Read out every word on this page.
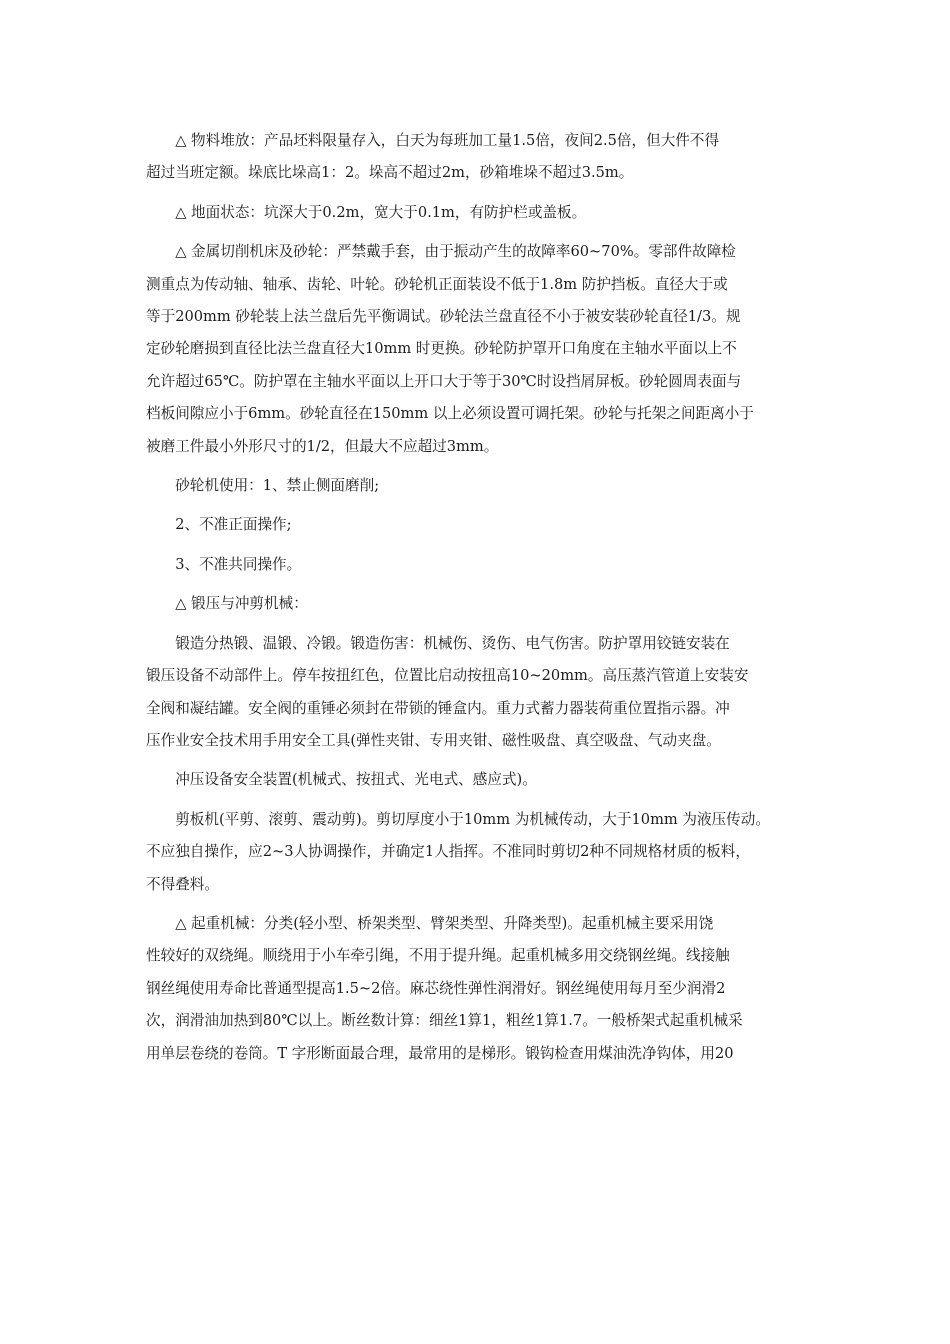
△ 物料堆放：产品坯料限量存入，白天为每班加工量1.5倍，夜间2.5倍，但大件不得
超过当班定额。垛底比垛高1：2。垛高不超过2m，砂箱堆垛不超过3.5m。

△ 地面状态：坑深大于0.2m，宽大于0.1m，有防护栏或盖板。

△ 金属切削机床及砂轮：严禁戴手套，由于振动产生的故障率60~70%。零部件故障检
测重点为传动轴、轴承、齿轮、叶轮。砂轮机正面装设不低于1.8m 防护挡板。直径大于或
等于200mm 砂轮装上法兰盘后先平衡调试。砂轮法兰盘直径不小于被安装砂轮直径1/3。规
定砂轮磨损到直径比法兰盘直径大10mm 时更换。砂轮防护罩开口角度在主轴水平面以上不
允许超过65℃。防护罩在主轴水平面以上开口大于等于30℃时设挡屑屏板。砂轮圆周表面与
档板间隙应小于6mm。砂轮直径在150mm 以上必须设置可调托架。砂轮与托架之间距离小于
被磨工件最小外形尺寸的1/2，但最大不应超过3mm。

砂轮机使用：1、禁止侧面磨削;

2、不准正面操作;

3、不准共同操作。

△ 锻压与冲剪机械：

锻造分热锻、温锻、冷锻。锻造伤害：机械伤、烫伤、电气伤害。防护罩用铰链安装在
锻压设备不动部件上。停车按扭红色，位置比启动按扭高10~20mm。高压蒸汽管道上安装安
全阀和凝结罐。安全阀的重锤必须封在带锁的锤盒内。重力式蓄力器装荷重位置指示器。冲
压作业安全技术用手用安全工具(弹性夹钳、专用夹钳、磁性吸盘、真空吸盘、气动夹盘。

冲压设备安全装置(机械式、按扭式、光电式、感应式)。

剪板机(平剪、滚剪、震动剪)。剪切厚度小于10mm 为机械传动，大于10mm 为液压传动。
不应独自操作，应2~3人协调操作，并确定1人指挥。不准同时剪切2种不同规格材质的板料，
不得叠料。

△ 起重机械：分类(轻小型、桥架类型、臂架类型、升降类型)。起重机械主要采用饶
性较好的双绕绳。顺绕用于小车牵引绳，不用于提升绳。起重机械多用交绕钢丝绳。线接触
钢丝绳使用寿命比普通型提高1.5~2倍。麻芯绕性弹性润滑好。钢丝绳使用每月至少润滑2
次，润滑油加热到80℃以上。断丝数计算：细丝1算1，粗丝1算1.7。一般桥架式起重机械采
用单层卷绕的卷筒。T 字形断面最合理，最常用的是梯形。锻钩检查用煤油洗净钩体，用20
